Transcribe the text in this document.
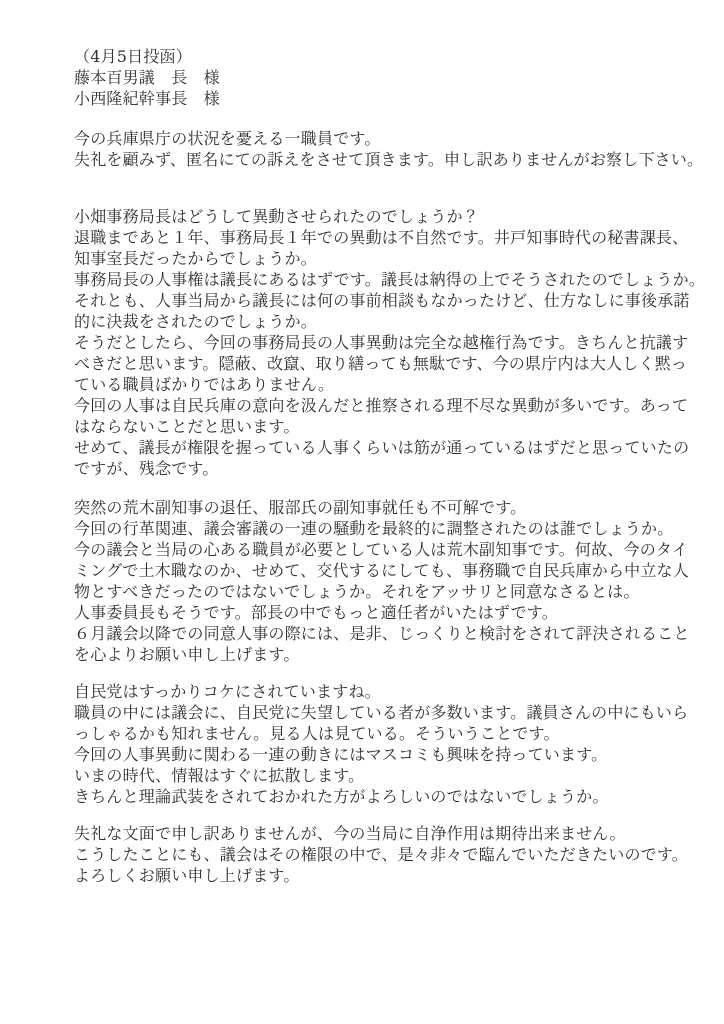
（4月5日投函）
藤本百男議　長　様
小西隆紀幹事長　様
今の兵庫県庁の状況を憂える一職員です。
失礼を顧みず、匿名にての訴えをさせて頂きます。申し訳ありませんがお察し下さい。
小畑事務局長はどうして異動させられたのでしょうか？
退職まであと１年、事務局長１年での異動は不自然です。井戸知事時代の秘書課長、
知事室長だったからでしょうか。
事務局長の人事権は議長にあるはずです。議長は納得の上でそうされたのでしょうか。
それとも、人事当局から議長には何の事前相談もなかったけど、仕方なしに事後承諾
的に決裁をされたのでしょうか。
そうだとしたら、今回の事務局長の人事異動は完全な越権行為です。きちんと抗議す
べきだと思います。隠蔽、改竄、取り繕っても無駄です、今の県庁内は大人しく黙っ
ている職員ばかりではありません。
今回の人事は自民兵庫の意向を汲んだと推察される理不尽な異動が多いです。あって
はならないことだと思います。
せめて、議長が権限を握っている人事くらいは筋が通っているはずだと思っていたの
ですが、残念です。
突然の荒木副知事の退任、服部氏の副知事就任も不可解です。
今回の行革関連、議会審議の一連の騒動を最終的に調整されたのは誰でしょうか。
今の議会と当局の心ある職員が必要としている人は荒木副知事です。何故、今のタイ
ミングで土木職なのか、せめて、交代するにしても、事務職で自民兵庫から中立な人
物とすべきだったのではないでしょうか。それをアッサリと同意なさるとは。
人事委員長もそうです。部長の中でもっと適任者がいたはずです。
６月議会以降での同意人事の際には、是非、じっくりと検討をされて評決されること
を心よりお願い申し上げます。
自民党はすっかりコケにされていますね。
職員の中には議会に、自民党に失望している者が多数います。議員さんの中にもいら
っしゃるかも知れません。見る人は見ている。そういうことです。
今回の人事異動に関わる一連の動きにはマスコミも興味を持っています。
いまの時代、情報はすぐに拡散します。
きちんと理論武装をされておかれた方がよろしいのではないでしょうか。
失礼な文面で申し訳ありませんが、今の当局に自浄作用は期待出来ません。
こうしたことにも、議会はその権限の中で、是々非々で臨んでいただきたいのです。
よろしくお願い申し上げます。
